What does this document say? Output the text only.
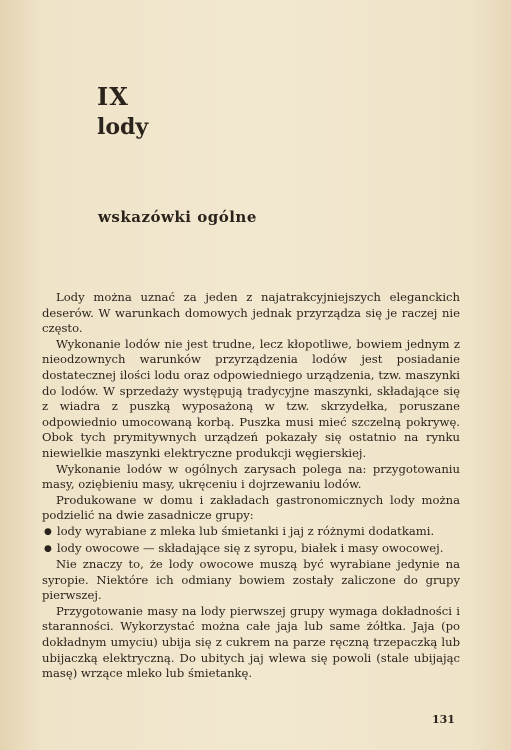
IX
lody
wskazówki ogólne

Lody można uznać za jeden z najatrakcyjniejszych eleganckich deserów. W warunkach domowych jednak przyrządza się je raczej nie często.

Wykonanie lodów nie jest trudne, lecz kłopotliwe, bowiem jednym z nieodzownych warunków przyrządzenia lodów jest posiadanie dostatecznej ilości lodu oraz odpowiedniego urządzenia, tzw. maszynki do lodów. W sprzedaży występują tradycyjne maszynki, składające się z wiadra z puszką wyposażoną w tzw. skrzydełka, poruszane odpowiednio umocowaną korbą. Puszka musi mieć szczelną pokrywę. Obok tych prymitywnych urządzeń pokazały się ostatnio na rynku niewielkie maszynki elektryczne produkcji węgierskiej.

Wykonanie lodów w ogólnych zarysach polega na: przygotowaniu masy, oziębieniu masy, ukręceniu i dojrzewaniu lodów.

Produkowane w domu i zakładach gastronomicznych lody można podzielić na dwie zasadnicze grupy:

● lody wyrabiane z mleka lub śmietanki i jaj z różnymi dodatkami.

● lody owocowe — składające się z syropu, białek i masy owocowej.

Nie znaczy to, że lody owocowe muszą być wyrabiane jedynie na syropie. Niektóre ich odmiany bowiem zostały zaliczone do grupy pierwszej.

Przygotowanie masy na lody pierwszej grupy wymaga dokładności i staranności. Wykorzystać można całe jaja lub same żółtka. Jaja (po dokładnym umyciu) ubija się z cukrem na parze ręczną trzepaczką lub ubijaczką elektryczną. Do ubitych jaj wlewa się powoli (stale ubijając masę) wrzące mleko lub śmietankę.

131
